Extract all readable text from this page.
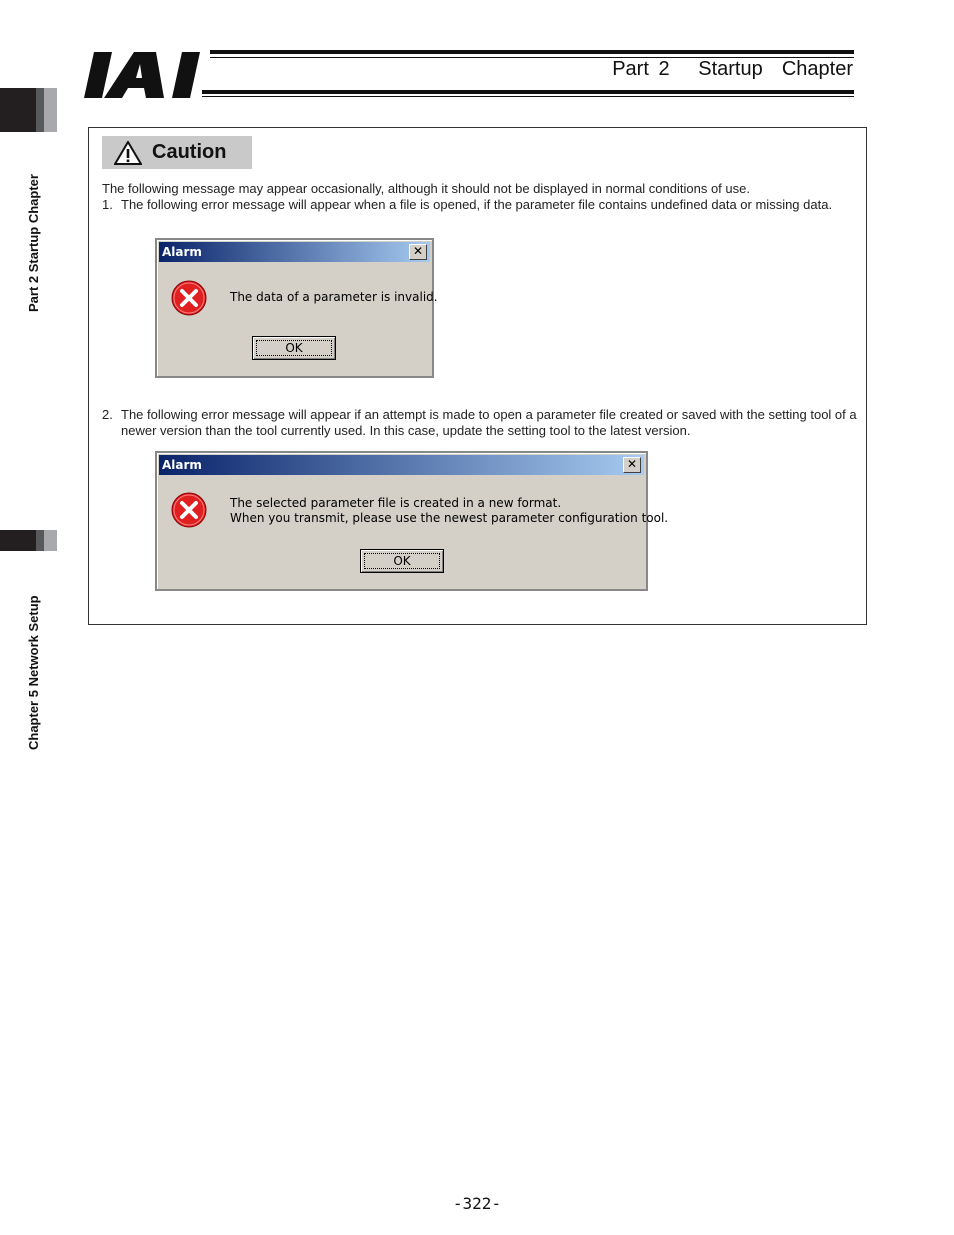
Part 2   Startup  Chapter
Part 2 Startup Chapter
Chapter 5 Network Setup
Caution
The following message may appear occasionally, although it should not be displayed in normal conditions of use.
1. The following error message will appear when a file is opened, if the parameter file contains undefined data or missing data.
Alarm	✕
The data of a parameter is invalid.
OK
2. The following error message will appear if an attempt is made to open a parameter file created or saved with the setting tool of a newer version than the tool currently used. In this case, update the setting tool to the latest version.
Alarm	✕
The selected parameter file is created in a new format.
When you transmit, please use the newest parameter configuration tool.
OK
-322-
